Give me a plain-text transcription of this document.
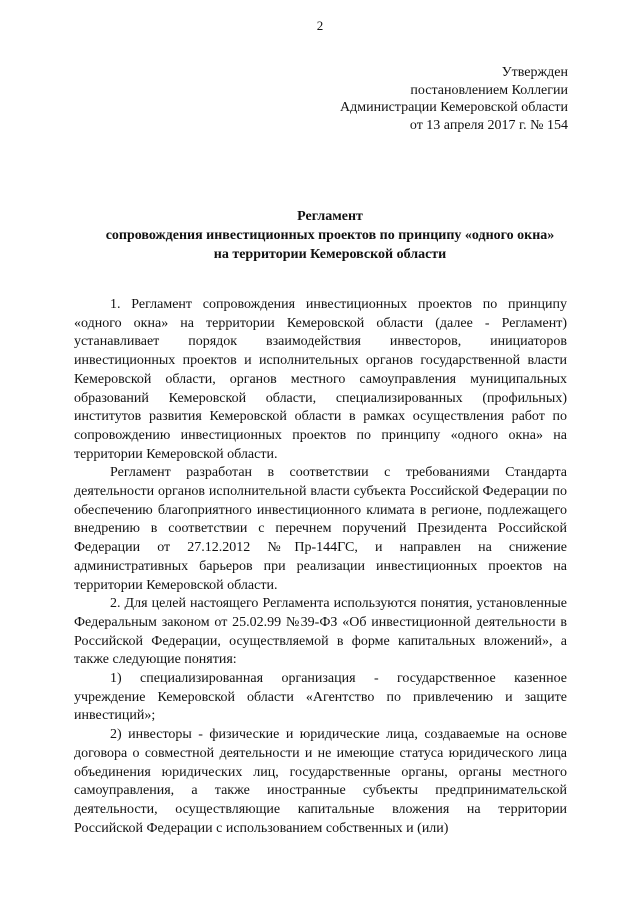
2
Утвержден
постановлением Коллегии
Администрации Кемеровской области
от 13 апреля 2017 г. № 154
Регламент
сопровождения инвестиционных проектов по принципу «одного окна»
на территории Кемеровской области

1. Регламент сопровождения инвестиционных проектов по принципу «одного окна» на территории Кемеровской области (далее - Регламент) устанавливает порядок взаимодействия инвесторов, инициаторов инвестиционных проектов и исполнительных органов государственной власти Кемеровской области, органов местного самоуправления муниципальных образований Кемеровской области, специализированных (профильных) институтов развития Кемеровской области в рамках осуществления работ по сопровождению инвестиционных проектов по принципу «одного окна» на территории Кемеровской области.

Регламент разработан в соответствии с требованиями Стандарта деятельности органов исполнительной власти субъекта Российской Федерации по обеспечению благоприятного инвестиционного климата в регионе, подлежащего внедрению в соответствии с перечнем поручений Президента Российской Федерации от 27.12.2012 №Пр-144ГС, и направлен на снижение административных барьеров при реализации инвестиционных проектов на территории Кемеровской области.

2. Для целей настоящего Регламента используются понятия, установленные Федеральным законом от 25.02.99 №39-ФЗ «Об инвестиционной деятельности в Российской Федерации, осуществляемой в форме капитальных вложений», а также следующие понятия:

1) специализированная организация - государственное казенное учреждение Кемеровской области «Агентство по привлечению и защите инвестиций»;

2) инвесторы - физические и юридические лица, создаваемые на основе договора о совместной деятельности и не имеющие статуса юридического лица объединения юридических лиц, государственные органы, органы местного самоуправления, а также иностранные субъекты предпринимательской деятельности, осуществляющие капитальные вложения на территории Российской Федерации с использованием собственных и (или)
